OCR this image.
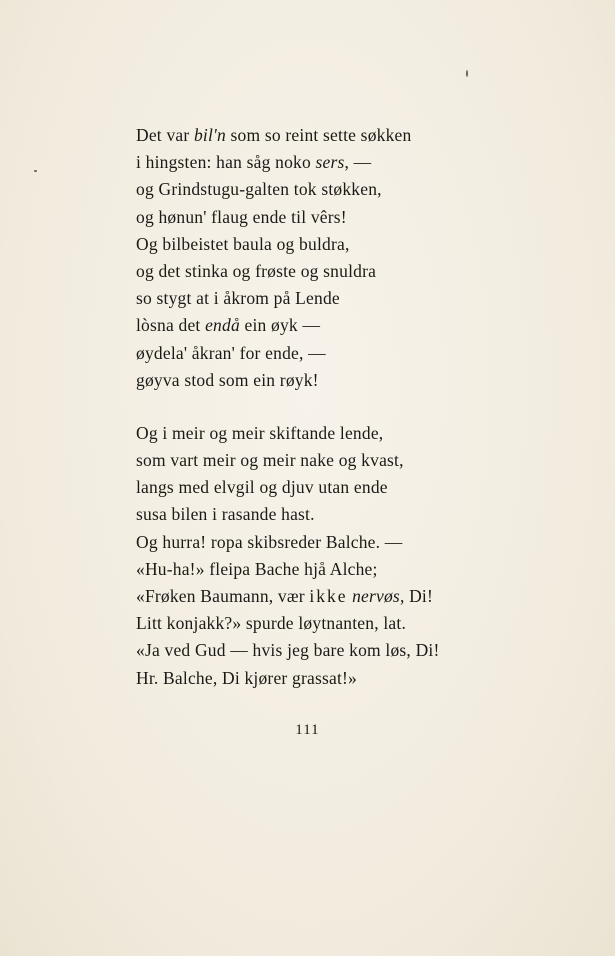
Det var bil'n som so reint sette søkken
i hingsten: han såg noko sers, —
og Grindstugu-galten tok støkken,
og hønun' flaug ende til vêrs!
Og bilbeistet baula og buldra,
og det stinka og frøste og snuldra
so stygt at i åkrom på Lende
lòsna det endå ein øyk —
øydela' åkran' for ende, —
gøyva stod som ein røyk!
Og i meir og meir skiftande lende,
som vart meir og meir nake og kvast,
langs med elvgil og djuv utan ende
susa bilen i rasande hast.
Og hurra! ropa skibsreder Balche. —
«Hu-ha!» fleipa Bache hjå Alche;
«Frøken Baumann, vær ikke nervøs, Di!
Litt konjakk?» spurde løytnanten, lat.
«Ja ved Gud — hvis jeg bare kom løs, Di!
Hr. Balche, Di kjører grassat!»
111
